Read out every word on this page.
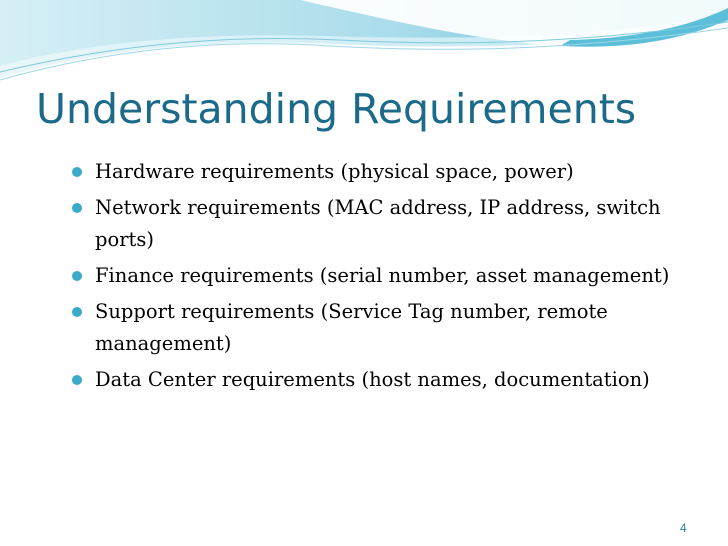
Understanding Requirements
Hardware requirements (physical space, power)
Network requirements (MAC address, IP address, switch ports)
Finance requirements (serial number, asset management)
Support requirements (Service Tag number, remote management)
Data Center requirements (host names, documentation)
4
